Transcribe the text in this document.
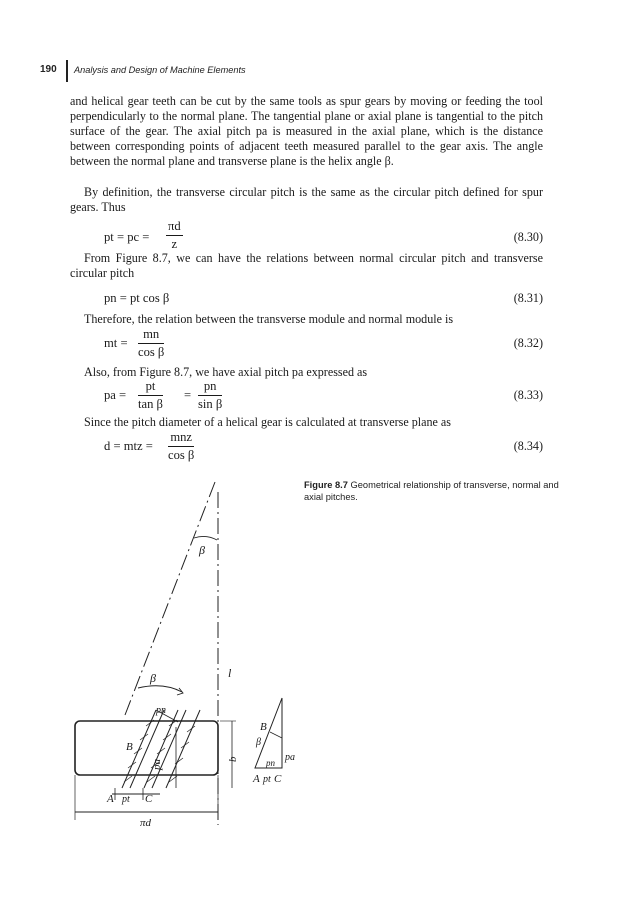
190 Analysis and Design of Machine Elements
and helical gear teeth can be cut by the same tools as spur gears by moving or feeding the tool perpendicularly to the normal plane. The tangential plane or axial plane is tangential to the pitch surface of the gear. The axial pitch pa is measured in the axial plane, which is the distance between corresponding points of adjacent teeth measured parallel to the gear axis. The angle between the normal plane and transverse plane is the helix angle β.
By definition, the transverse circular pitch is the same as the circular pitch defined for spur gears. Thus
pt = pc = $\frac{\pi d}{z}$	(8.30)
From Figure 8.7, we can have the relations between normal circular pitch and transverse circular pitch
pn = pt cos β	(8.31)
Therefore, the relation between the transverse module and normal module is
mt = $\frac{mn}{\text{cos β}}$	(8.32)
Also, from Figure 8.7, we have axial pitch pa expressed as
pa = $\frac{pt}{\text{tan β}} = \frac{pn}{\text{sin β}}$	(8.33)
Since the pitch diameter of a helical gear is calculated at transverse plane as
d = mtz =
mnz
cos β
(8.34)
Figure 8.7 Geometrical relationship of transverse, normal and axial pitches.
β
l
β
pn
pa
B
b
A pt C
πd
B
β
pa
pn
A pt C
